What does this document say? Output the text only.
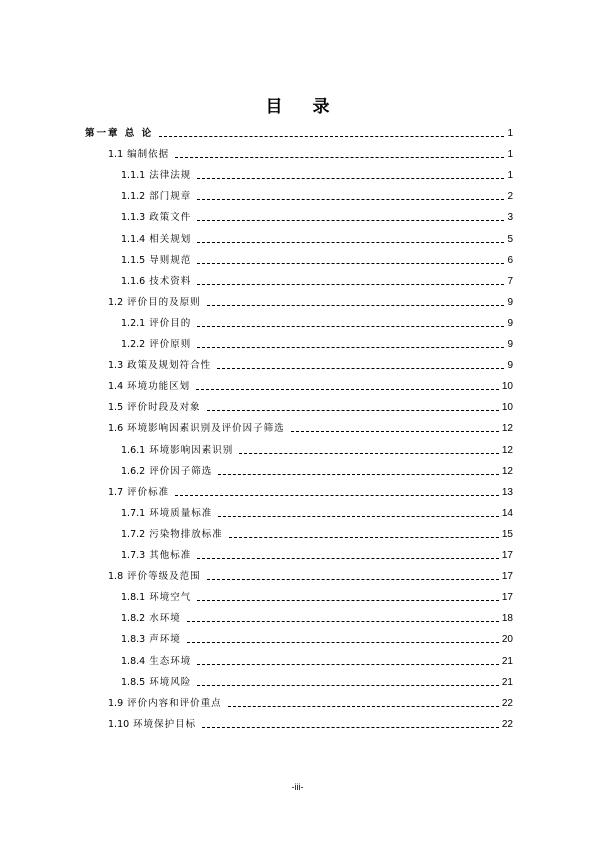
目 录
第一章 总 论	1
1.1 编制依据	1
1.1.1 法律法规	1
1.1.2 部门规章	2
1.1.3 政策文件	3
1.1.4 相关规划	5
1.1.5 导则规范	6
1.1.6 技术资料	7
1.2 评价目的及原则	9
1.2.1 评价目的	9
1.2.2 评价原则	9
1.3 政策及规划符合性	9
1.4 环境功能区划	10
1.5 评价时段及对象	10
1.6 环境影响因素识别及评价因子筛选	12
1.6.1 环境影响因素识别	12
1.6.2 评价因子筛选	12
1.7 评价标准	13
1.7.1 环境质量标准	14
1.7.2 污染物排放标准	15
1.7.3 其他标准	17
1.8 评价等级及范围	17
1.8.1 环境空气	17
1.8.2 水环境	18
1.8.3 声环境	20
1.8.4 生态环境	21
1.8.5 环境风险	21
1.9 评价内容和评价重点	22
1.10 环境保护目标	22
-iii-
